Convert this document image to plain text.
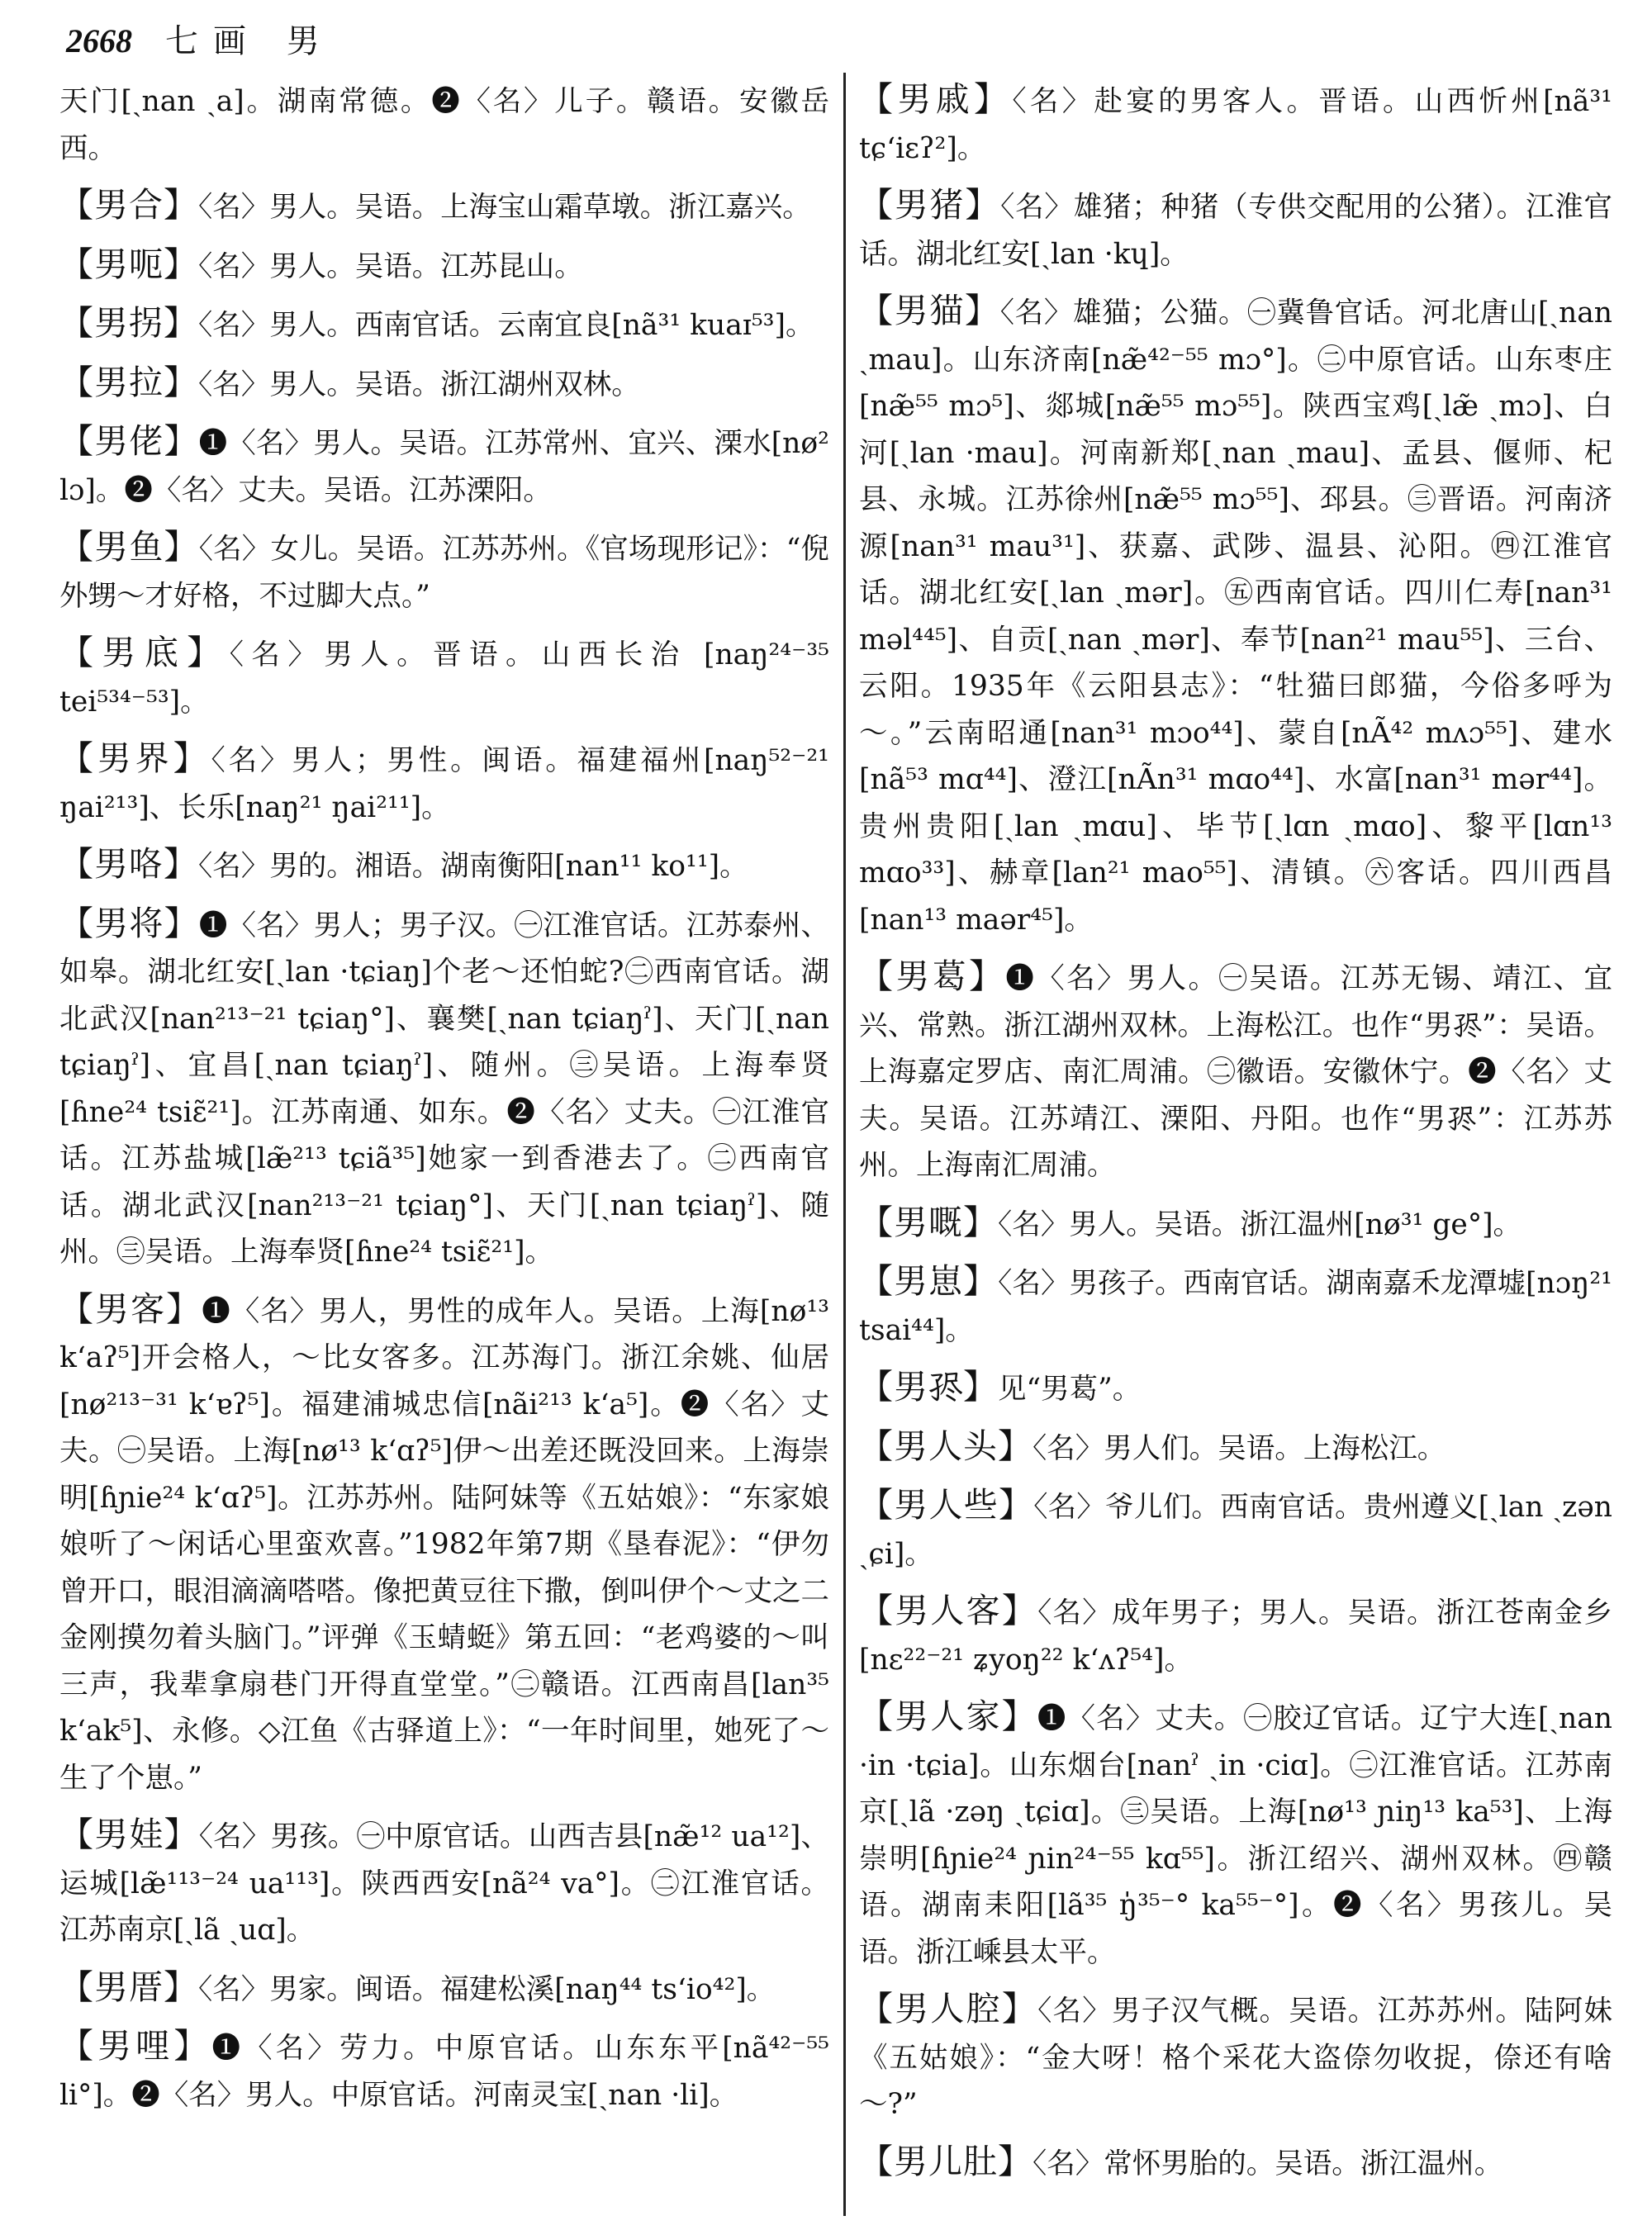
2668 七画 男

天门[ˏnan ˏa]。湖南常德。❷〈名〉儿子。赣语。安徽岳西。

【男合】〈名〉男人。吴语。上海宝山霜草墩。浙江嘉兴。

【男呃】〈名〉男人。吴语。江苏昆山。

【男拐】〈名〉男人。西南官话。云南宜良[nã³¹ kuaɪ⁵³]。

【男拉】〈名〉男人。吴语。浙江湖州双林。

【男佬】❶〈名〉男人。吴语。江苏常州、宜兴、溧水[nø² lɔ]。❷〈名〉丈夫。吴语。江苏溧阳。

【男鱼】〈名〉女儿。吴语。江苏苏州。《官场现形记》：“倪外甥～才好格，不过脚大点。”

【男底】〈名〉男人。晋语。山西长治 [naŋ²⁴⁻³⁵ tei⁵³⁴⁻⁵³]。

【男界】〈名〉男人；男性。闽语。福建福州[naŋ⁵²⁻²¹ ŋai²¹³]、长乐[naŋ²¹ ŋai²¹¹]。

【男咯】〈名〉男的。湘语。湖南衡阳[nan¹¹ ko¹¹]。

【男将】❶〈名〉男人；男子汉。㊀江淮官话。江苏泰州、如皋。湖北红安[ˏlan ·tɕiaŋ]个老～还怕蛇?㊁西南官话。湖北武汉[nan²¹³⁻²¹ tɕiaŋ°]、襄樊[ˏnan tɕiaŋˀ]、天门[ˏnan tɕiaŋˀ]、宜昌[ˏnan tɕiaŋˀ]、随州。㊂吴语。上海奉贤[ɦne²⁴ tsiɛ̃²¹]。江苏南通、如东。❷〈名〉丈夫。㊀江淮官话。江苏盐城[læ̃²¹³ tɕiã³⁵]她家一到香港去了。㊁西南官话。湖北武汉[nan²¹³⁻²¹ tɕiaŋ°]、天门[ˏnan tɕiaŋˀ]、随州。㊂吴语。上海奉贤[ɦne²⁴ tsiɛ̃²¹]。

【男客】❶〈名〉男人，男性的成年人。吴语。上海[nø¹³ k‘aʔ⁵]开会格人，～比女客多。江苏海门。浙江余姚、仙居[nø²¹³⁻³¹ k‘ɐʔ⁵]。福建浦城忠信[nãi²¹³ k‘a⁵]。❷〈名〉丈夫。㊀吴语。上海[nø¹³ k‘ɑʔ⁵]伊～出差还既没回来。上海崇明[ɦɲie²⁴ k‘ɑʔ⁵]。江苏苏州。陆阿妹等《五姑娘》：“东家娘娘听了～闲话心里蛮欢喜。”1982年第7期《垦春泥》：“伊勿曾开口，眼泪滴滴嗒嗒。像把黄豆往下撒，倒叫伊个～丈之二金刚摸勿着头脑门。”评弹《玉蜻蜓》第五回：“老鸡婆的～叫三声，我辈拿扇巷门开得直堂堂。”㊁赣语。江西南昌[lan³⁵ k‘ak⁵]、永修。◇江鱼《古驿道上》：“一年时间里，她死了～生了个崽。”

【男娃】〈名〉男孩。㊀中原官话。山西吉县[næ̃¹² ua¹²]、运城[læ̃¹¹³⁻²⁴ ua¹¹³]。陕西西安[nã²⁴ va°]。㊁江淮官话。江苏南京[ˏlã ˏuɑ]。

【男厝】〈名〉男家。闽语。福建松溪[naŋ⁴⁴ ts‘io⁴²]。

【男哩】❶〈名〉劳力。中原官话。山东东平[nã⁴²⁻⁵⁵ li°]。❷〈名〉男人。中原官话。河南灵宝[ˏnan ·li]。

【男戚】〈名〉赴宴的男客人。晋语。山西忻州[nã³¹ tɕ‘iɛʔ²]。

【男猪】〈名〉雄猪；种猪（专供交配用的公猪）。江淮官话。湖北红安[ˏlan ·kɥ]。

【男猫】〈名〉雄猫；公猫。㊀冀鲁官话。河北唐山[ˏnan ˏmau]。山东济南[næ̃⁴²⁻⁵⁵ mɔ°]。㊁中原官话。山东枣庄[næ̃⁵⁵ mɔ⁵]、郯城[næ̃⁵⁵ mɔ⁵⁵]。陕西宝鸡[ˏlæ̃ ˏmɔ]、白河[ˏlan ·mau]。河南新郑[ˏnan ˏmau]、孟县、偃师、杞县、永城。江苏徐州[næ̃⁵⁵ mɔ⁵⁵]、邳县。㊂晋语。河南济源[nan³¹ mau³¹]、获嘉、武陟、温县、沁阳。㊃江淮官话。湖北红安[ˏlan ˏmər]。㊄西南官话。四川仁寿[nan³¹ məl⁴⁴⁵]、自贡[ˏnan ˏmər]、奉节[nan²¹ mau⁵⁵]、三台、云阳。1935年《云阳县志》：“牡猫曰郎猫，今俗多呼为～。”云南昭通[nan³¹ mɔo⁴⁴]、蒙自[nÃ⁴² mʌɔ⁵⁵]、建水[nã⁵³ mɑ⁴⁴]、澄江[nÃn³¹ mɑo⁴⁴]、水富[nan³¹ mər⁴⁴]。贵州贵阳[ˏlan ˏmɑu]、毕节[ˏlɑn ˏmɑo]、黎平[lɑn¹³ mɑo³³]、赫章[lan²¹ mao⁵⁵]、清镇。㊅客话。四川西昌[nan¹³ maər⁴⁵]。

【男葛】❶〈名〉男人。㊀吴语。江苏无锡、靖江、宜兴、常熟。浙江湖州双林。上海松江。也作“男𡥧”：吴语。上海嘉定罗店、南汇周浦。㊁徽语。安徽休宁。❷〈名〉丈夫。吴语。江苏靖江、溧阳、丹阳。也作“男𡥧”：江苏苏州。上海南汇周浦。

【男嘅】〈名〉男人。吴语。浙江温州[nø³¹ ge°]。

【男崽】〈名〉男孩子。西南官话。湖南嘉禾龙潭墟[nɔŋ²¹ tsai⁴⁴]。

【男𡥧】见“男葛”。

【男人头】〈名〉男人们。吴语。上海松江。

【男人些】〈名〉爷儿们。西南官话。贵州遵义[ˏlan ˏzən ˏɕi]。

【男人客】〈名〉成年男子；男人。吴语。浙江苍南金乡[nɛ²²⁻²¹ ʑyoŋ²² k‘ʌʔ⁵⁴]。

【男人家】❶〈名〉丈夫。㊀胶辽官话。辽宁大连[ˏnan ·in ·tɕia]。山东烟台[nanˀ ˏin ·ciɑ]。㊁江淮官话。江苏南京[ˏlã ·zəŋ ˏtɕiɑ]。㊂吴语。上海[nø¹³ ɲiŋ¹³ ka⁵³]、上海崇明[ɦɲie²⁴ ɲin²⁴⁻⁵⁵ kɑ⁵⁵]。浙江绍兴、湖州双林。㊃赣语。湖南耒阳[lã³⁵ ŋ̍³⁵⁻° ka⁵⁵⁻°]。❷〈名〉男孩儿。吴语。浙江嵊县太平。

【男人腔】〈名〉男子汉气概。吴语。江苏苏州。陆阿妹《五姑娘》：“金大呀！格个采花大盗倷勿收捉，倷还有啥～?”

【男儿肚】〈名〉常怀男胎的。吴语。浙江温州。
